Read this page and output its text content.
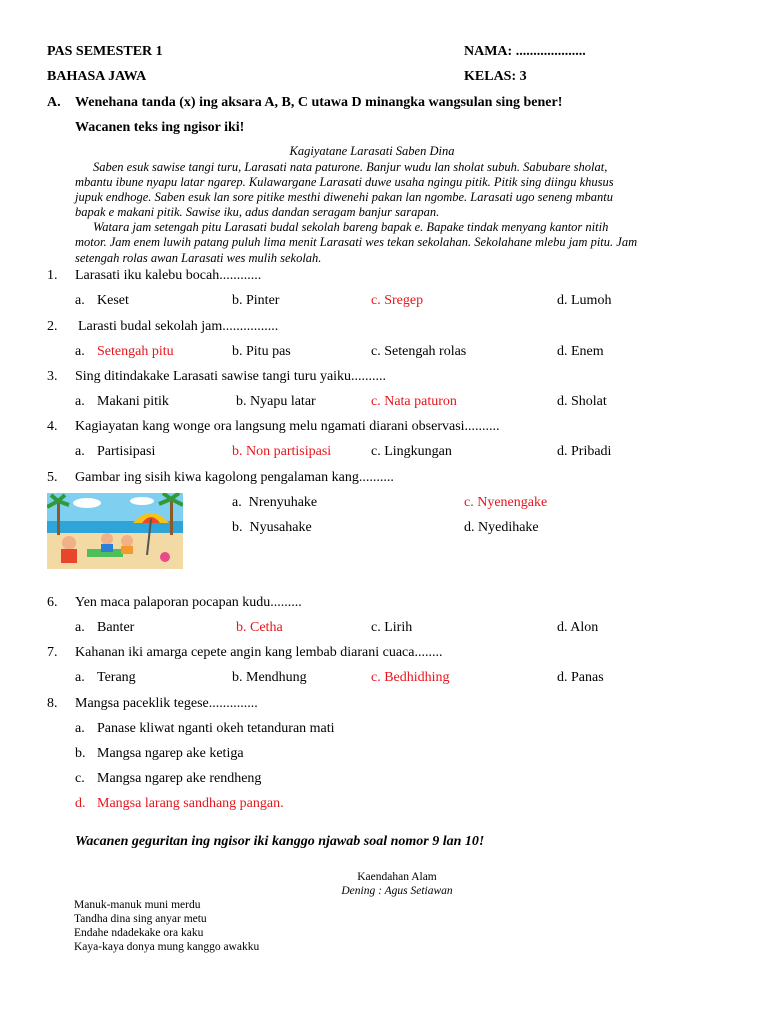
PAS SEMESTER 1	NAMA: ....................
BAHASA JAWA	KELAS: 3
A. Wenehana tanda (x) ing aksara A, B, C utawa D minangka wangsulan sing bener!
Wacanen teks ing ngisor iki!
Kagiyatane Larasati Saben Dina
Saben esuk sawise tangi turu, Larasati nata paturone. Banjur wudu lan sholat subuh. Sabubare sholat,
mbantu ibune nyapu latar ngarep. Kulawargane Larasati duwe usaha ngingu pitik. Pitik sing diingu khusus
jupuk endhoge. Saben esuk lan sore pitike mesthi diwenehi pakan lan ngombe. Larasati ugo seneng mbantu
bapak e makani pitik. Sawise iku, adus dandan seragam banjur sarapan.
Watara jam setengah pitu Larasati budal sekolah bareng bapak e. Bapake tindak menyang kantor nitih
motor. Jam enem luwih patang puluh lima menit Larasati wes tekan sekolahan. Sekolahane mlebu jam pitu. Jam
setengah rolas awan Larasati wes mulih sekolah.
1. Larasati iku kalebu bocah............
a. Keset	b. Pinter	c. Sregep	d. Lumoh
2. Larasti budal sekolah jam................
a. Setengah pitu	b. Pitu pas	c. Setengah rolas	d. Enem
3. Sing ditindakake Larasati sawise tangi turu yaiku..........
a. Makani pitik	b. Nyapu latar	c. Nata paturon	d. Sholat
4. Kagiayatan kang wonge ora langsung melu ngamati diarani observasi..........
a. Partisipasi	b. Non partisipasi	c. Lingkungan	d. Pribadi
5. Gambar ing sisih kiwa kagolong pengalaman kang..........
a. Nrenyuhake	c. Nyenengake
b. Nyusahake	d. Nyedihake
6. Yen maca palaporan pocapan kudu.........
a. Banter	b. Cetha	c. Lirih	d. Alon
7. Kahanan iki amarga cepete angin kang lembab diarani cuaca........
a. Terang	b. Mendhung	c. Bedhidhing	d. Panas
8. Mangsa paceklik tegese..............
a. Panase kliwat nganti okeh tetanduran mati
b. Mangsa ngarep ake ketiga
c. Mangsa ngarep ake rendheng
d. Mangsa larang sandhang pangan.
Wacanen geguritan ing ngisor iki kanggo njawab soal nomor 9 lan 10!
Kaendahan Alam
Dening : Agus Setiawan
Manuk-manuk muni merdu
Tandha dina sing anyar metu
Endahe ndadekake ora kaku
Kaya-kaya donya mung kanggo awakku
